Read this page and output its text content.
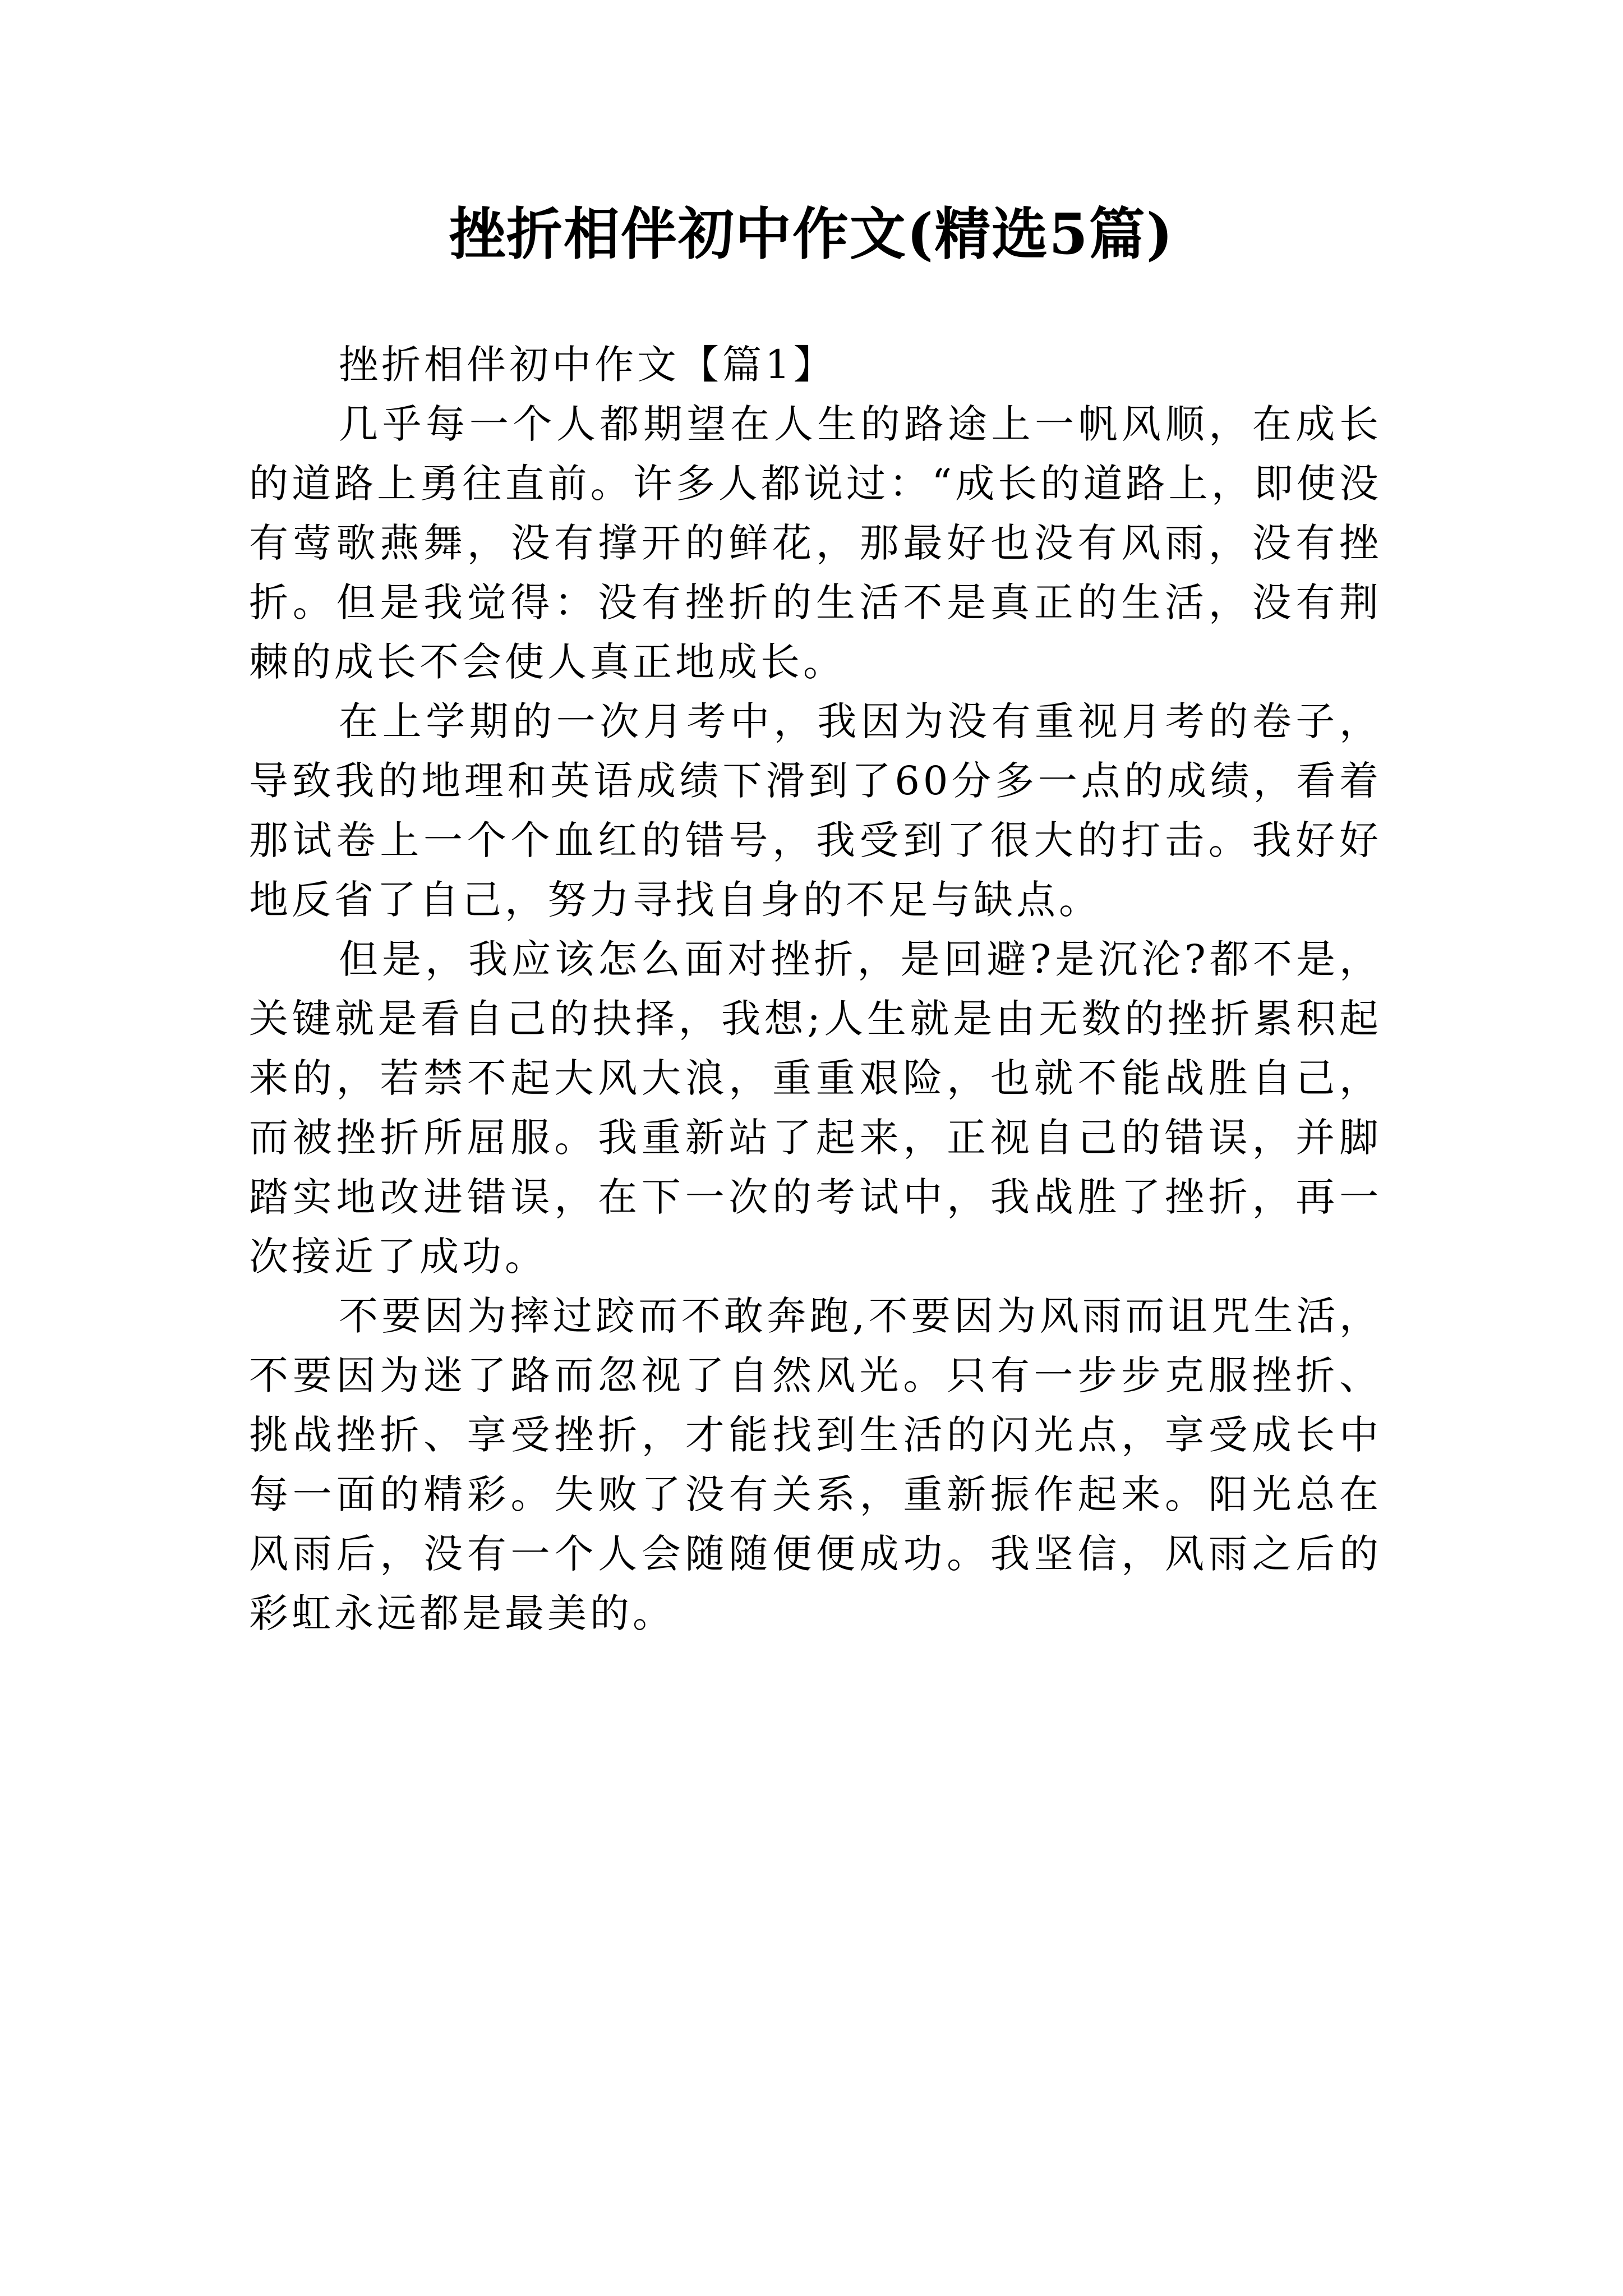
挫折相伴初中作文(精选5篇)

挫折相伴初中作文【篇1】

几乎每一个人都期望在人生的路途上一帆风顺，在成长的道路上勇往直前。许多人都说过：“成长的道路上，即使没有莺歌燕舞，没有撑开的鲜花，那最好也没有风雨，没有挫折。但是我觉得：没有挫折的生活不是真正的生活，没有荆棘的成长不会使人真正地成长。

在上学期的一次月考中，我因为没有重视月考的卷子，导致我的地理和英语成绩下滑到了60分多一点的成绩，看着那试卷上一个个血红的错号，我受到了很大的打击。我好好地反省了自己，努力寻找自身的不足与缺点。

但是，我应该怎么面对挫折，是回避?是沉沦?都不是，关键就是看自己的抉择，我想;人生就是由无数的挫折累积起来的，若禁不起大风大浪，重重艰险，也就不能战胜自己，而被挫折所屈服。我重新站了起来，正视自己的错误，并脚踏实地改进错误，在下一次的考试中，我战胜了挫折，再一次接近了成功。

不要因为摔过跤而不敢奔跑,不要因为风雨而诅咒生活，不要因为迷了路而忽视了自然风光。只有一步步克服挫折、挑战挫折、享受挫折，才能找到生活的闪光点，享受成长中每一面的精彩。失败了没有关系，重新振作起来。阳光总在风雨后，没有一个人会随随便便成功。我坚信，风雨之后的彩虹永远都是最美的。
